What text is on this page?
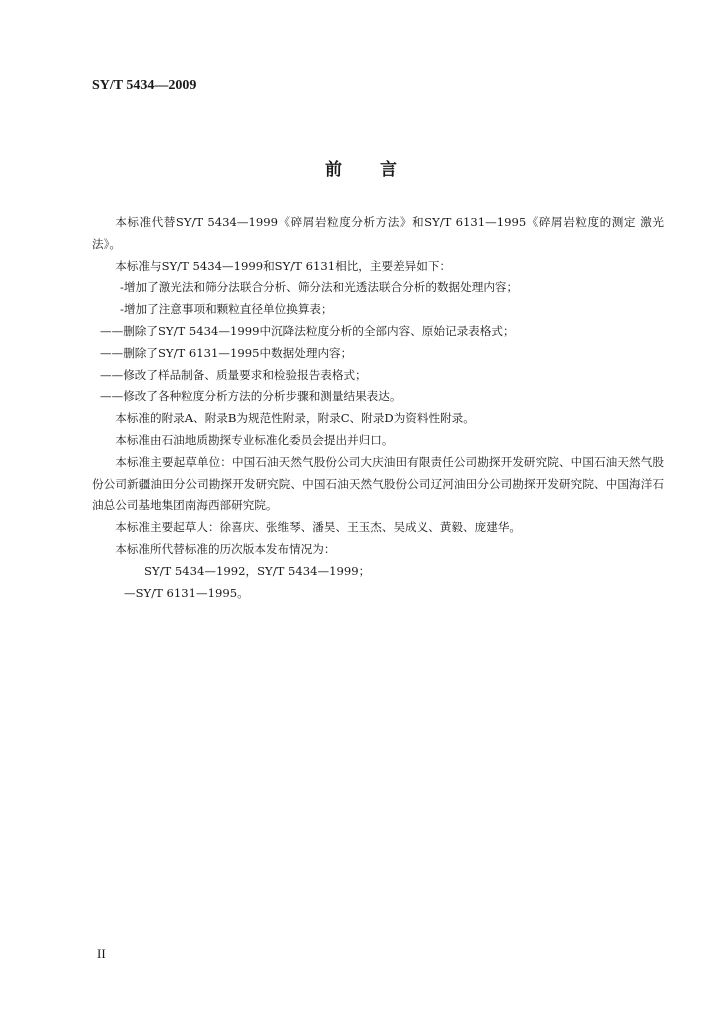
SY/T 5434—2009
前 言

本标准代替SY/T 5434—1999《碎屑岩粒度分析方法》和SY/T 6131—1995《碎屑岩粒度的测定 激光法》。

本标准与SY/T 5434—1999和SY/T 6131相比，主要差异如下：

-增加了激光法和筛分法联合分析、筛分法和光透法联合分析的数据处理内容；

-增加了注意事项和颗粒直径单位换算表；

——删除了SY/T 5434—1999中沉降法粒度分析的全部内容、原始记录表格式；

——删除了SY/T 6131—1995中数据处理内容；

——修改了样品制备、质量要求和检验报告表格式；

——修改了各种粒度分析方法的分析步骤和测量结果表达。

本标准的附录A、附录B为规范性附录，附录C、附录D为资料性附录。

本标准由石油地质勘探专业标准化委员会提出并归口。

本标准主要起草单位：中国石油天然气股份公司大庆油田有限责任公司勘探开发研究院、中国石油天然气股份公司新疆油田分公司勘探开发研究院、中国石油天然气股份公司辽河油田分公司勘探开发研究院、中国海洋石油总公司基地集团南海西部研究院。

本标准主要起草人：徐喜庆、张维琴、潘昊、王玉杰、吴成义、黄毅、庞建华。

本标准所代替标准的历次版本发布情况为：

SY/T 5434—1992，SY/T 5434—1999；

—SY/T 6131—1995。

II
